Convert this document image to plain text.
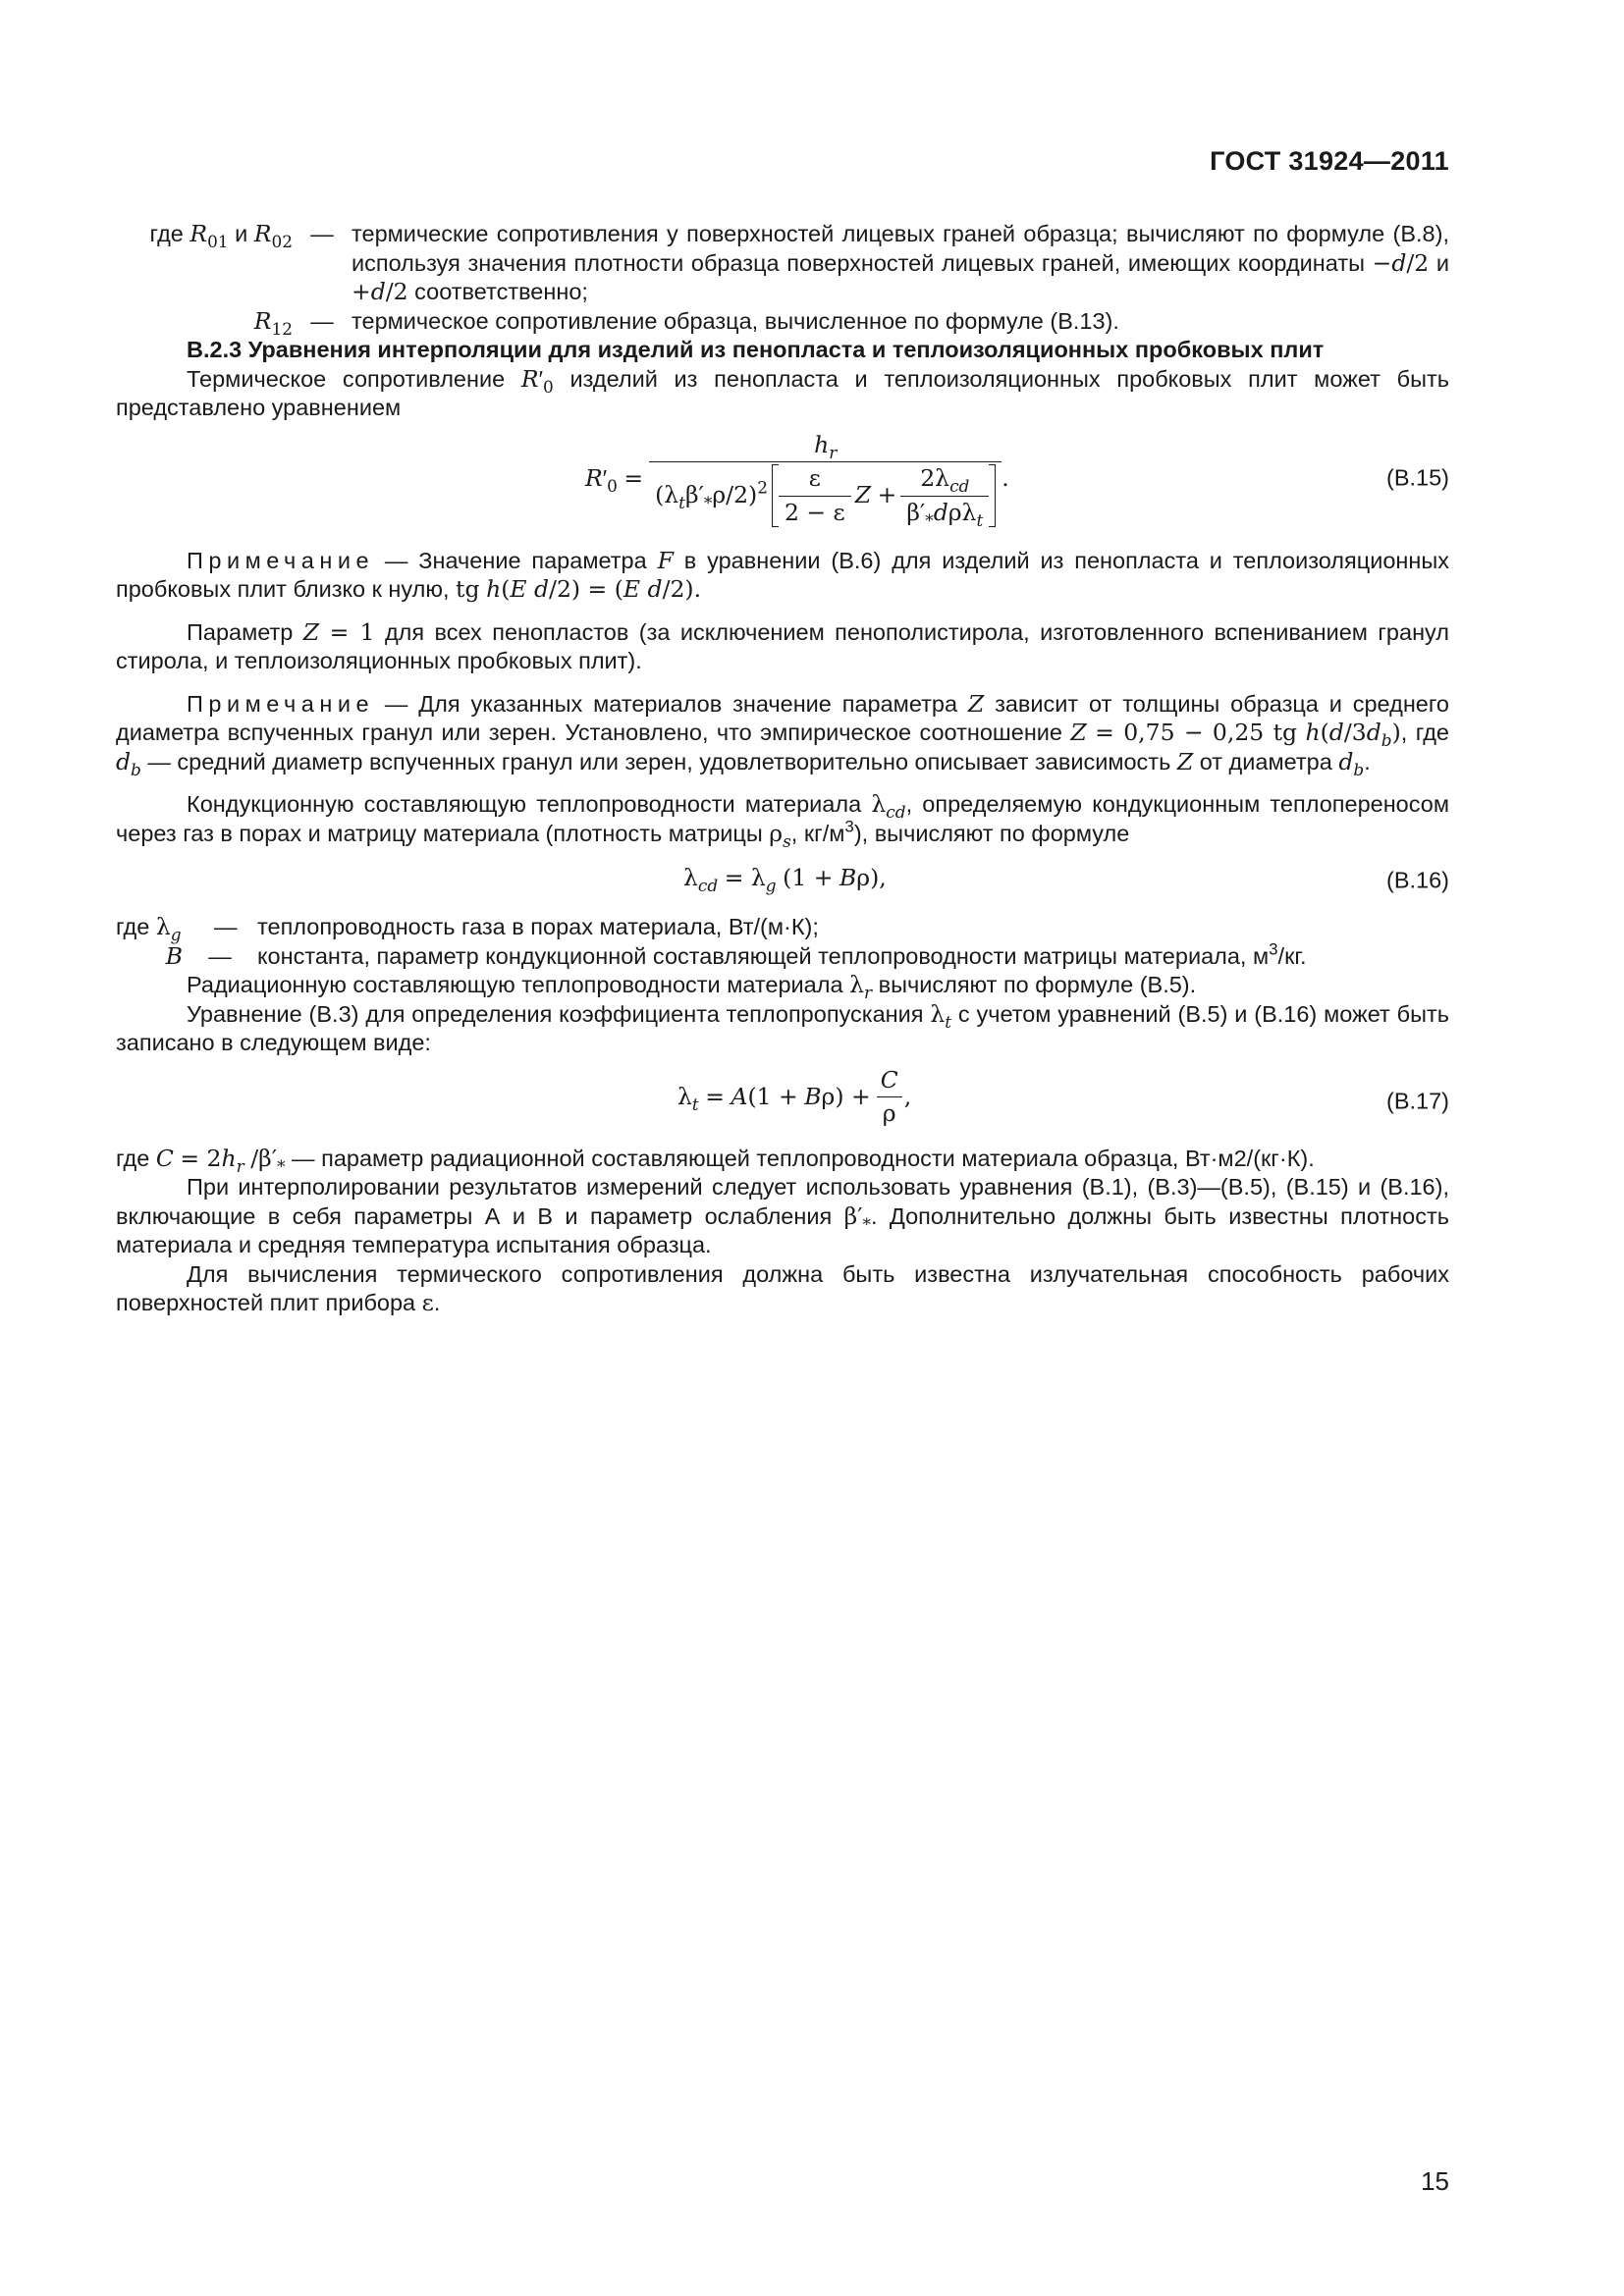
ГОСТ 31924—2011
где $R_{01}$ и $R_{02}$ — термические сопротивления у поверхностей лицевых граней образца; вычисляют по формуле (В.8), используя значения плотности образца поверхностей лицевых граней, имеющих координаты −d/2 и +d/2 соответственно;
$R_{12}$ — термическое сопротивление образца, вычисленное по формуле (В.13).

В.2.3 Уравнения интерполяции для изделий из пенопласта и теплоизоляционных пробковых плит

Термическое сопротивление $R'_0$ изделий из пенопласта и теплоизоляционных пробковых плит может быть представлено уравнением

$R'_0$ =
$h_r$
$(\lambda_t\beta'_*\rho/2)^2 \frac{\varepsilon}{2 - \varepsilon}$ $Z + \frac{2\lambda_{cd}}{\beta'_*d\rho\lambda_t}$ .	(В.15)

Примечание — Значение параметра F в уравнении (В.6) для изделий из пенопласта и теплоизоляционных пробковых плит близко к нулю, tg h(E d/2) = (E d/2).

Параметр Z = 1 для всех пенопластов (за исключением пенополистирола, изготовленного вспениванием гранул стирола, и теплоизоляционных пробковых плит).

Примечание — Для указанных материалов значение параметра Z зависит от толщины образца и среднего диаметра вспученных гранул или зерен. Установлено, что эмпирическое соотношение Z = 0,75 − 0,25 tg $h(d/3d_b)$, где $d_b$ — средний диаметр вспученных гранул или зерен, удовлетворительно описывает зависимость Z от диаметра $d_b$.

Кондукционную составляющую теплопроводности материала $\lambda_{cd}$, определяемую кондукционным теплопереносом через газ в порах и матрицу материала (плотность матрицы $\rho_s$, $кг/м^3$), вычисляют по формуле

$\lambda_{cd} = \lambda_g$ (1 + Bρ),	(В.16)
где $\lambda_g$	— теплопроводность газа в порах материала, Вт/(м·К);
B	—	константа, параметр кондукционной составляющей теплопроводности матрицы материала, $м^3/кг$.

Радиационную составляющую теплопроводности материала $\lambda_r$ вычисляют по формуле (В.5).

Уравнение (В.3) для определения коэффициента теплопропускания $\lambda_t$ с учетом уравнений (В.5) и (В.16) может быть записано в следующем виде:

$\lambda_t = A(1 + B\rho) + \frac{C}{\rho}$ ,	(В.17)

где $C = 2h_r$ $/\beta'_*$ — параметр радиационной составляющей теплопроводности материала образца, Вт·м2/(кг·К).

При интерполировании результатов измерений следует использовать уравнения (В.1), (В.3)—(В.5), (В.15) и (В.16), включающие в себя параметры А и В и параметр ослабления $\beta'_*$. Дополнительно должны быть известны плотность материала и средняя температура испытания образца.

Для вычисления термического сопротивления должна быть известна излучательная способность рабочих поверхностей плит прибора ε.

15
